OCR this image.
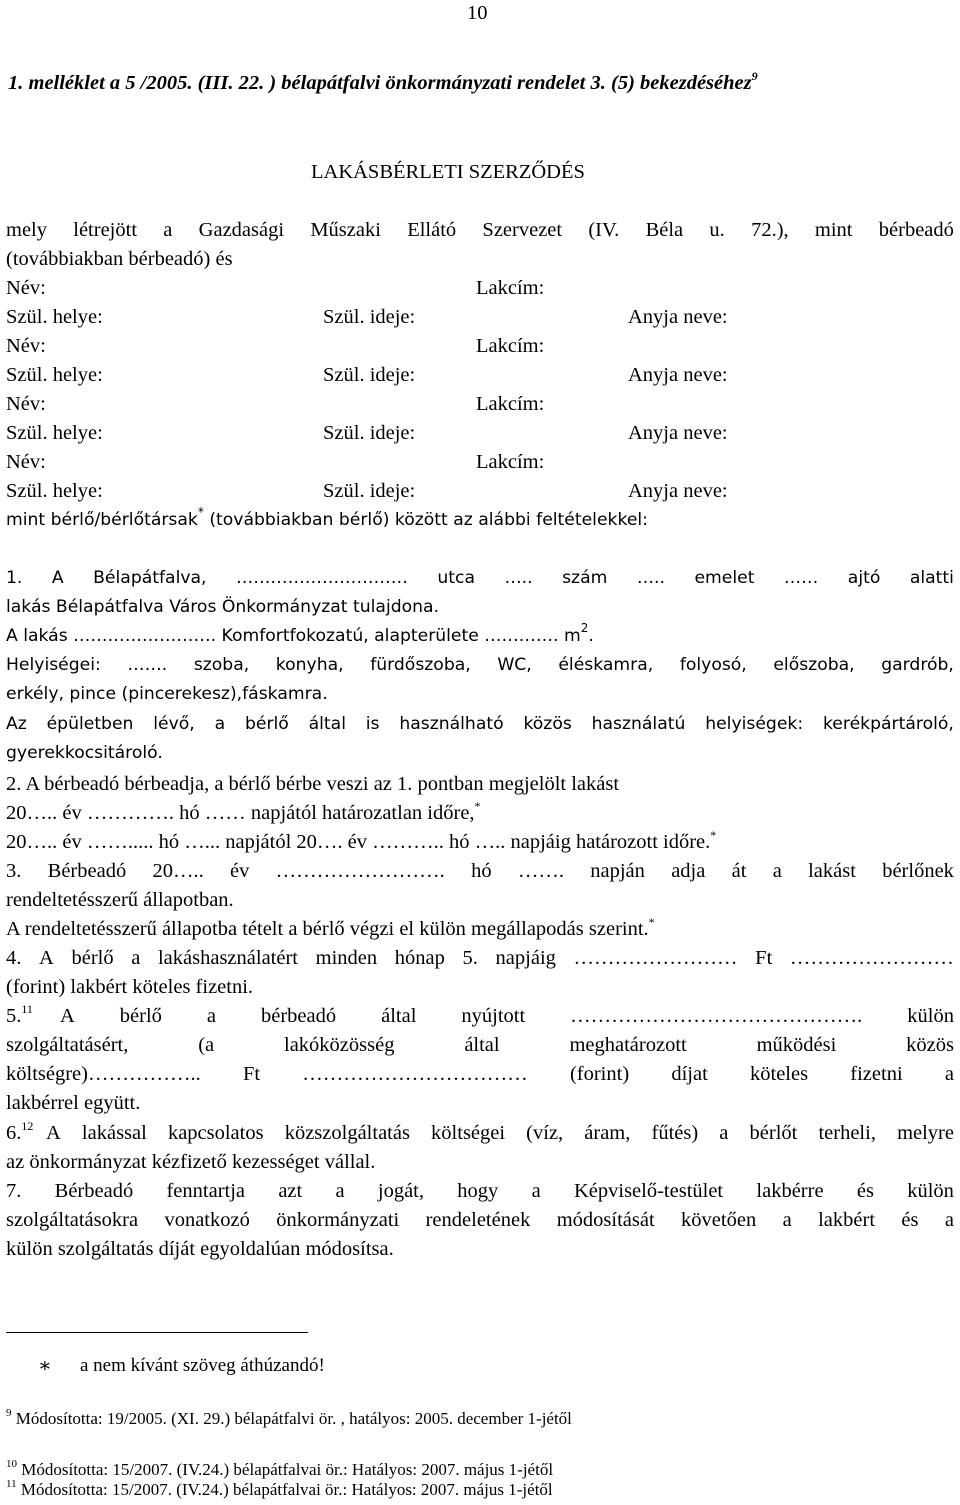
10
1. melléklet a 5 /2005. (III. 22. ) bélapátfalvi önkormányzati rendelet 3. (5) bekezdéséhez$^9$
LAKÁSBÉRLETI SZERZŐDÉS
mely létrejött a Gazdasági Műszaki Ellátó Szervezet (IV. Béla u. 72.), mint bérbeadó
(továbbiakban bérbeadó) és
Név:	Lakcím:
Szül. helye:	Szül. ideje:	Anyja neve:
Név:	Lakcím:
Szül. helye:	Szül. ideje:	Anyja neve:
Név:	Lakcím:
Szül. helye:	Szül. ideje:	Anyja neve:
Név:	Lakcím:
Szül. helye:	Szül. ideje:	Anyja neve:
mint bérlő/bérlőtársak* (továbbiakban bérlő) között az alábbi feltételekkel:
1. A Bélapátfalva, ………………………… utca ….. szám ….. emelet …… ajtó alatti
lakás Bélapátfalva Város Önkormányzat tulajdona.
A lakás ……………………. Komfortfokozatú, alapterülete …………. $m^2$.
Helyiségei: ……. szoba, konyha, fürdőszoba, WC, éléskamra, folyosó, előszoba, gardrób,
erkély, pince (pincerekesz),fáskamra.
Az épületben lévő, a bérlő által is használható közös használatú helyiségek: kerékpártároló,
gyerekkocsitároló.
2. A bérbeadó bérbeadja, a bérlő bérbe veszi az 1. pontban megjelölt lakást
20….. év …………. hó …… napjától határozatlan időre,*
20….. év ……..... hó …... napjától 20…. év ……….. hó ….. napjáig határozott időre.*
3. Bérbeadó 20….. év ……………………. hó ……. napján adja át a lakást bérlőnek
rendeltetésszerű állapotban.
A rendeltetésszerű állapotba tételt a bérlő végzi el külön megállapodás szerint.*
4. A bérlő a lakáshasználatért minden hónap 5. napjáig …………………… Ft ……………………
(forint) lakbért köteles fizetni.
5.11 A bérlő a bérbeadó által nyújtott ……………………………………. külön
szolgáltatásért,	(a	lakóközösség	által	meghatározott	működési	közös
költségre)…………….. Ft …………………………… (forint) díjat köteles fizetni a
lakbérrel együtt.
6.12 A lakással kapcsolatos közszolgáltatás költségei (víz, áram, fűtés) a bérlőt terheli, melyre
az önkormányzat kézfizető kezességet vállal.
7. Bérbeadó fenntartja azt a jogát, hogy a Képviselő-testület lakbérre és külön
szolgáltatásokra vonatkozó önkormányzati rendeletének módosítását követően a lakbért és a
külön szolgáltatás díját egyoldalúan módosítsa.
∗ a nem kívánt szöveg áthúzandó!
$^9$ Módosította: 19/2005. (XI. 29.) bélapátfalvi ör. , hatályos: 2005. december 1-jétől
$^{10}$ Módosította: 15/2007. (IV.24.) bélapátfalvai ör.: Hatályos: 2007. május 1-jétől
$^{11}$ Módosította: 15/2007. (IV.24.) bélapátfalvai ör.: Hatályos: 2007. május 1-jétől
